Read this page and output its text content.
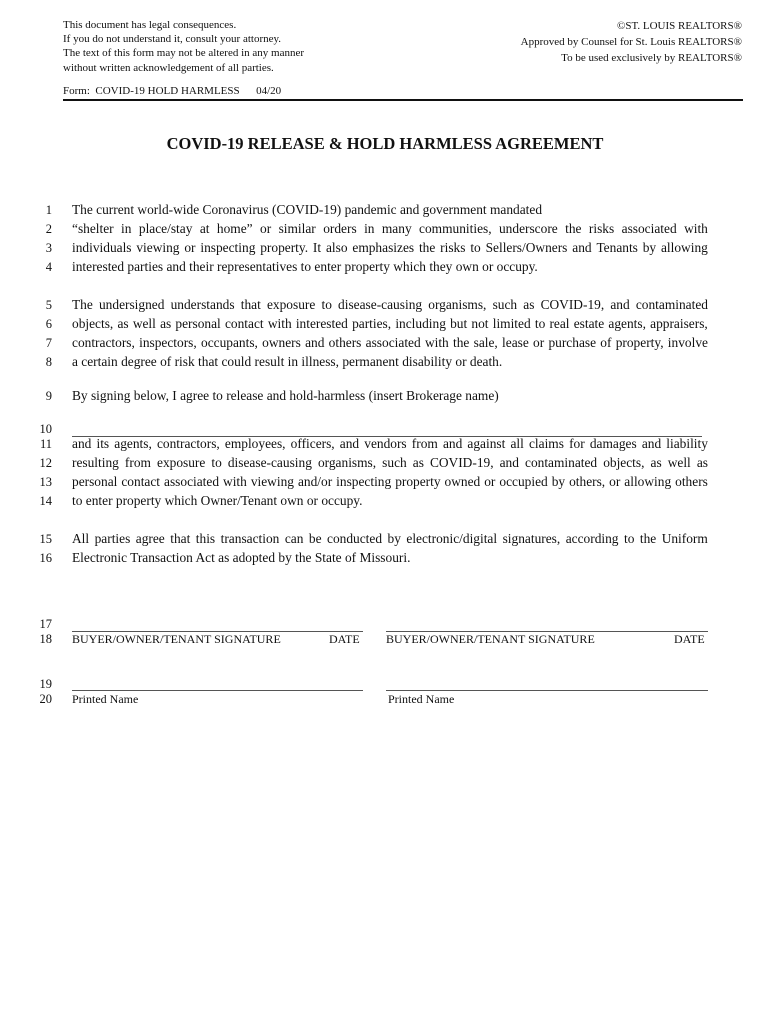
This document has legal consequences.
If you do not understand it, consult your attorney.
The text of this form may not be altered in any manner
without written acknowledgement of all parties.
©ST. LOUIS REALTORS®
Approved by Counsel for St. Louis REALTORS®
To be used exclusively by REALTORS®
Form:  COVID-19 HOLD HARMLESS 04/20
COVID-19 RELEASE & HOLD HARMLESS AGREEMENT
1
2
3
4
5
6
7
8
9
10
11
12
13
14
15
16
17
18
19
20
The current world-wide Coronavirus (COVID-19) pandemic and government mandated
“shelter in place/stay at home” or similar orders in many communities, underscore the risks associated with
individuals viewing or inspecting property. It also emphasizes the risks to Sellers/Owners and Tenants by allowing
interested parties and their representatives to enter property which they own or occupy.
The undersigned understands that exposure to disease-causing organisms, such as COVID-19, and contaminated
objects, as well as personal contact with interested parties, including but not limited to real estate agents, appraisers,
contractors, inspectors, occupants, owners and others associated with the sale, lease or purchase of property, involve
a certain degree of risk that could result in illness, permanent disability or death.
By signing below, I agree to release and hold-harmless (insert Brokerage name)
and its agents, contractors, employees, officers, and vendors from and against all claims for damages and liability
resulting from exposure to disease-causing organisms, such as COVID-19, and contaminated objects, as well as
personal contact associated with viewing and/or inspecting property owned or occupied by others, or allowing others
to enter property which Owner/Tenant own or occupy.
All parties agree that this transaction can be conducted by electronic/digital signatures, according to the Uniform
Electronic Transaction Act as adopted by the State of Missouri.
BUYER/OWNER/TENANT SIGNATURE	DATE BUYER/OWNER/TENANT SIGNATURE	DATE
Printed Name	Printed Name
